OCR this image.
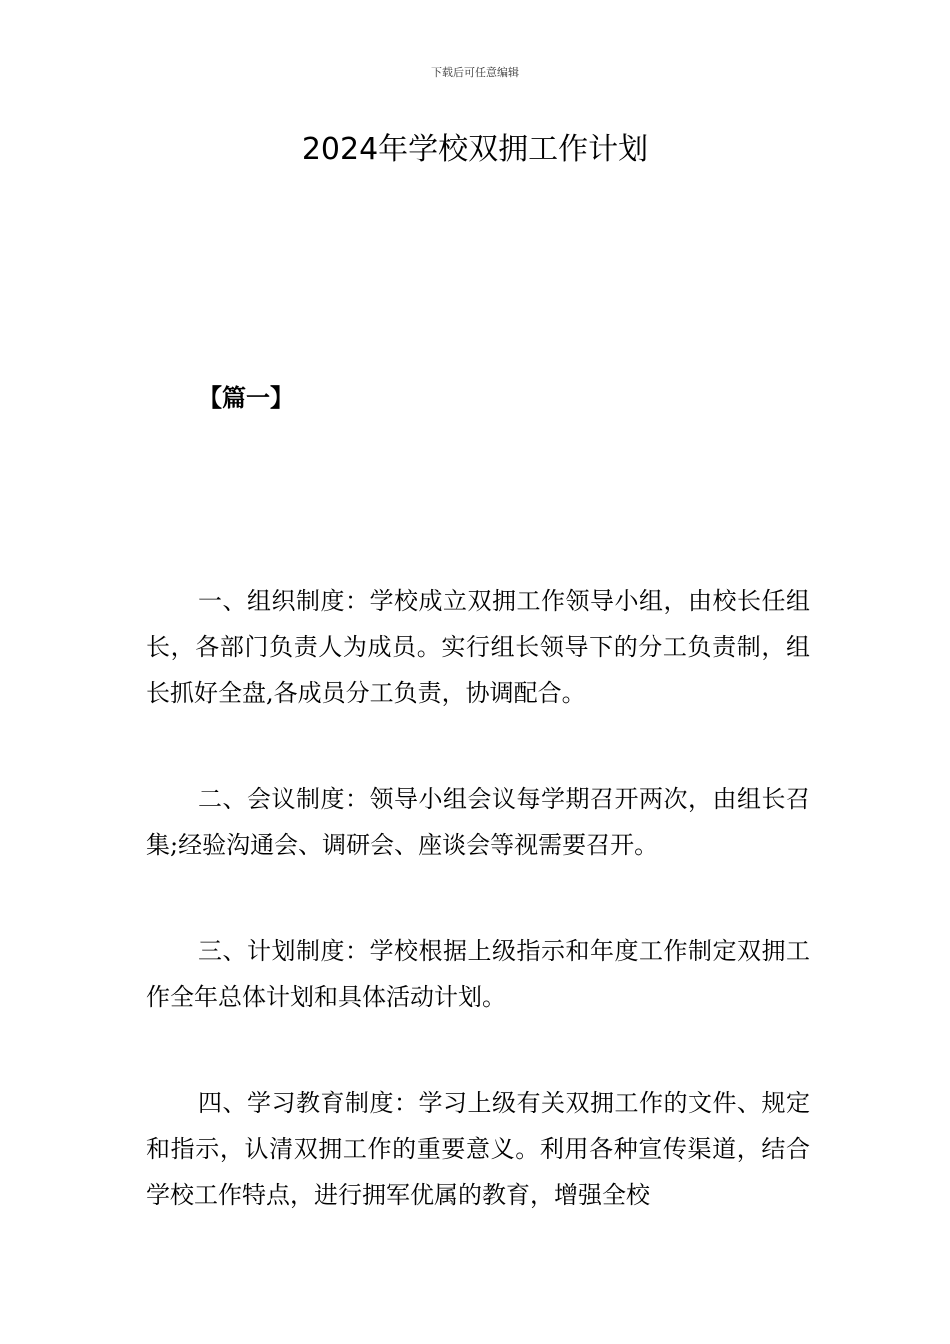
下载后可任意编辑
2024年学校双拥工作计划
【篇一】

一、组织制度：学校成立双拥工作领导小组，由校长任组长，各部门负责人为成员。实行组长领导下的分工负责制，组长抓好全盘,各成员分工负责，协调配合。

二、会议制度：领导小组会议每学期召开两次，由组长召集;经验沟通会、调研会、座谈会等视需要召开。

三、计划制度：学校根据上级指示和年度工作制定双拥工作全年总体计划和具体活动计划。

四、学习教育制度：学习上级有关双拥工作的文件、规定和指示，认清双拥工作的重要意义。利用各种宣传渠道，结合学校工作特点，进行拥军优属的教育，增强全校
